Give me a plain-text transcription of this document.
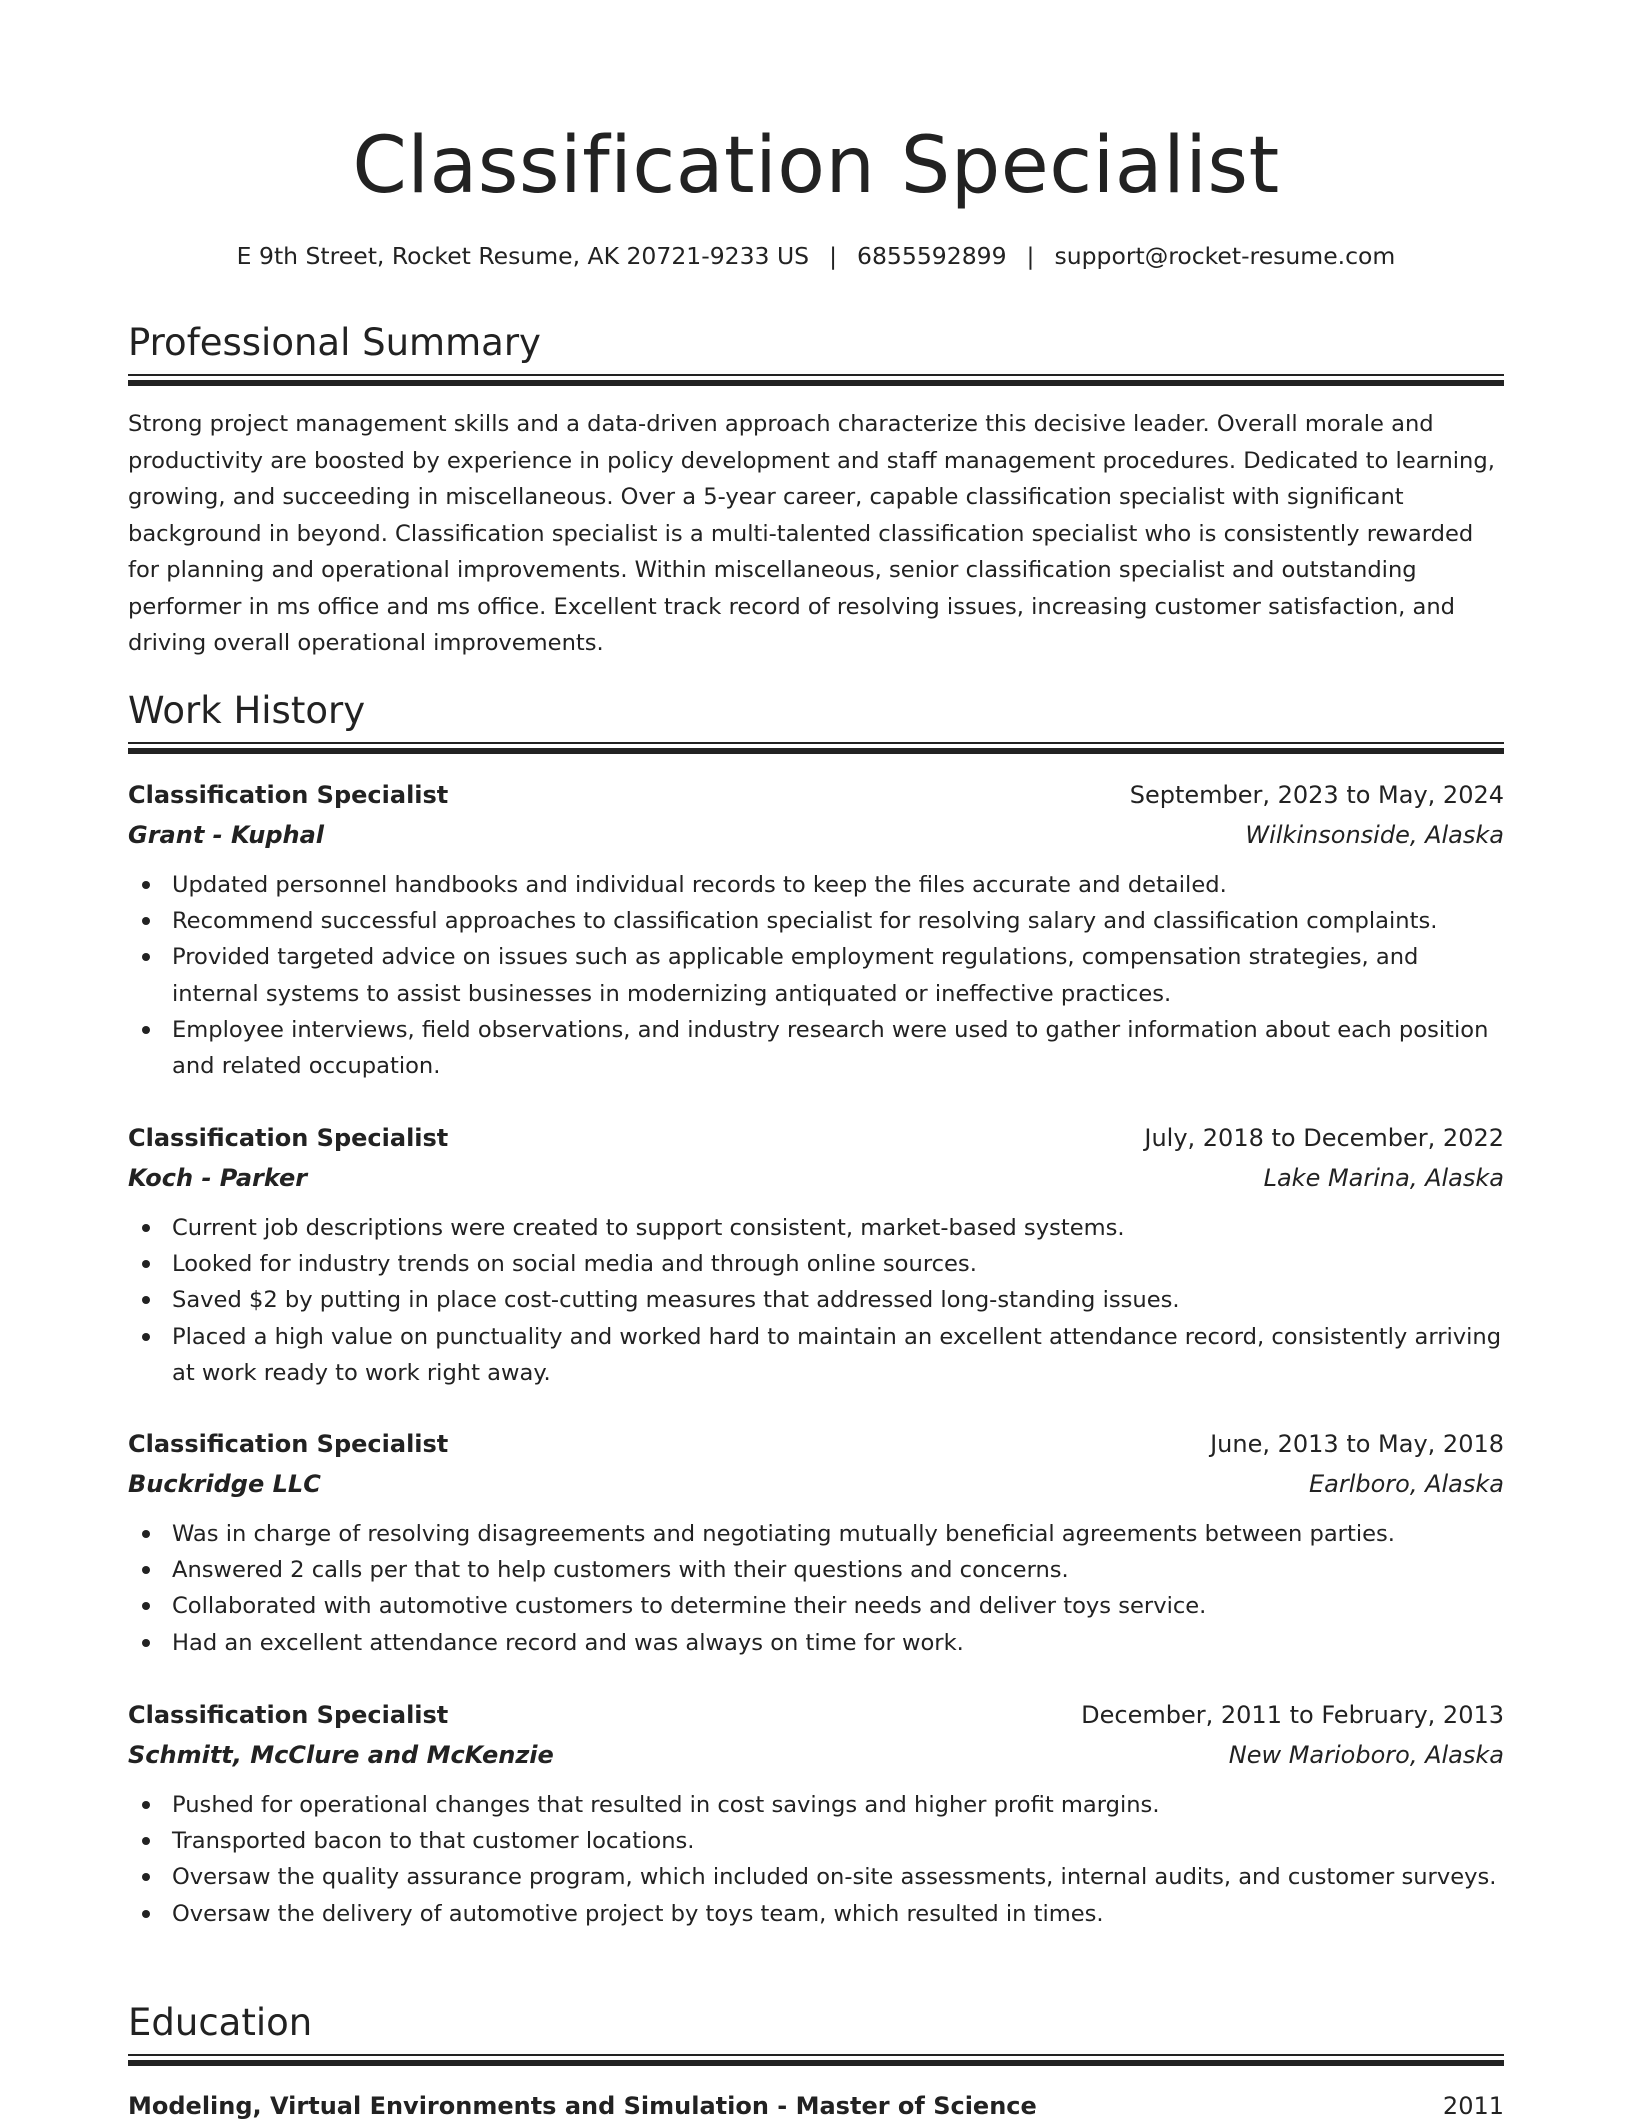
Classification Specialist
E 9th Street, Rocket Resume, AK 20721-9233 US | 6855592899 | support@rocket-resume.com
Professional Summary

Strong project management skills and a data-driven approach characterize this decisive leader. Overall morale and productivity are boosted by experience in policy development and staff management procedures. Dedicated to learning, growing, and succeeding in miscellaneous. Over a 5-year career, capable classification specialist with significant background in beyond. Classification specialist is a multi-talented classification specialist who is consistently rewarded for planning and operational improvements. Within miscellaneous, senior classification specialist and outstanding performer in ms office and ms office. Excellent track record of resolving issues, increasing customer satisfaction, and driving overall operational improvements.

Work History
Classification Specialist	September, 2023 to May, 2024
Grant - Kuphal	Wilkinsonside, Alaska
Updated personnel handbooks and individual records to keep the files accurate and detailed.
Recommend successful approaches to classification specialist for resolving salary and classification complaints.
Provided targeted advice on issues such as applicable employment regulations, compensation strategies, and internal systems to assist businesses in modernizing antiquated or ineffective practices.
Employee interviews, field observations, and industry research were used to gather information about each position and related occupation.
Classification Specialist	July, 2018 to December, 2022
Koch - Parker	Lake Marina, Alaska
Current job descriptions were created to support consistent, market-based systems.
Looked for industry trends on social media and through online sources.
Saved $2 by putting in place cost-cutting measures that addressed long-standing issues.
Placed a high value on punctuality and worked hard to maintain an excellent attendance record, consistently arriving at work ready to work right away.
Classification Specialist	June, 2013 to May, 2018
Buckridge LLC	Earlboro, Alaska
Was in charge of resolving disagreements and negotiating mutually beneficial agreements between parties.
Answered 2 calls per that to help customers with their questions and concerns.
Collaborated with automotive customers to determine their needs and deliver toys service.
Had an excellent attendance record and was always on time for work.
Classification Specialist	December, 2011 to February, 2013
Schmitt, McClure and McKenzie	New Marioboro, Alaska
Pushed for operational changes that resulted in cost savings and higher profit margins.
Transported bacon to that customer locations.
Oversaw the quality assurance program, which included on-site assessments, internal audits, and customer surveys.
Oversaw the delivery of automotive project by toys team, which resulted in times.
Education
Modeling, Virtual Environments and Simulation - Master of Science	2011
